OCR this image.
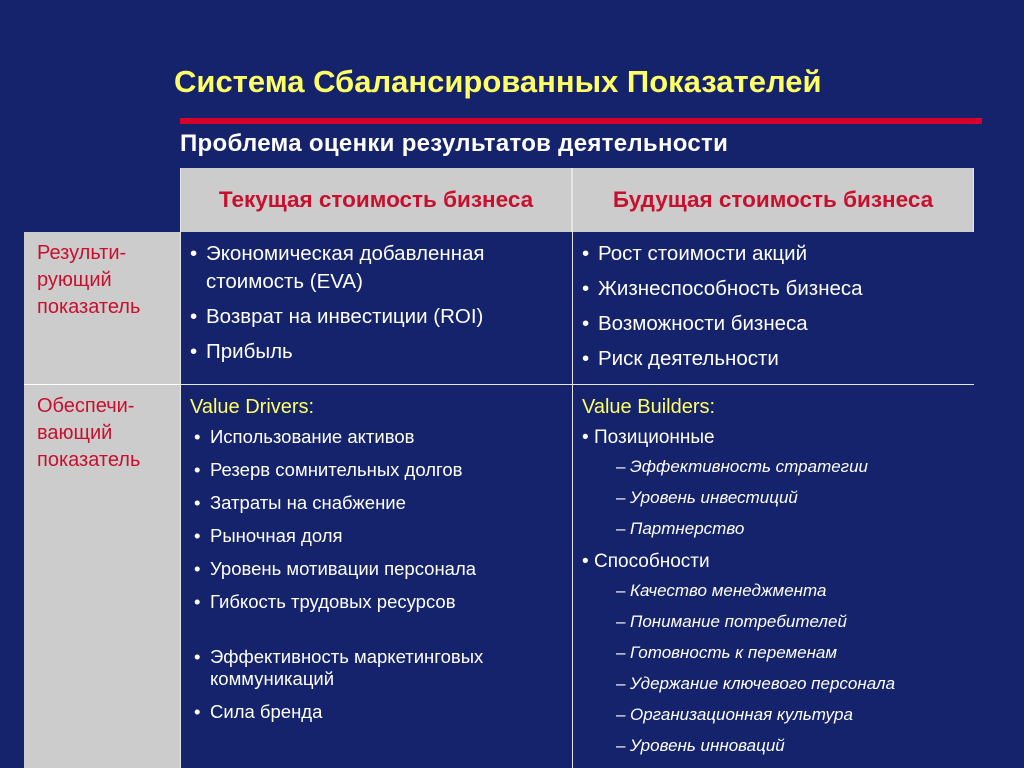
Система Сбалансированных Показателей
Проблема оценки результатов деятельности
Текущая стоимость бизнеса	Будущая стоимость бизнеса
Результи-рующий показатель
Обеспечи-вающий показатель
• Экономическая добавленная стоимость (EVA)
• Возврат на инвестиции (ROI)
• Прибыль
• Рост стоимости акций
• Жизнеспособность бизнеса
• Возможности бизнеса
• Риск деятельности

Value Drivers:

• Использование активов
• Резерв сомнительных долгов
• Затраты на снабжение
• Рыночная доля
• Уровень мотивации персонала
• Гибкость трудовых ресурсов
• Эффективность маркетинговых коммуникаций
• Сила бренда

Value Builders:

• Позиционные
– Эффективность стратегии
– Уровень инвестиций
– Партнерство
• Способности
– Качество менеджмента
– Понимание потребителей
– Готовность к переменам
– Удержание ключевого персонала
– Организационная культура
– Уровень инноваций
